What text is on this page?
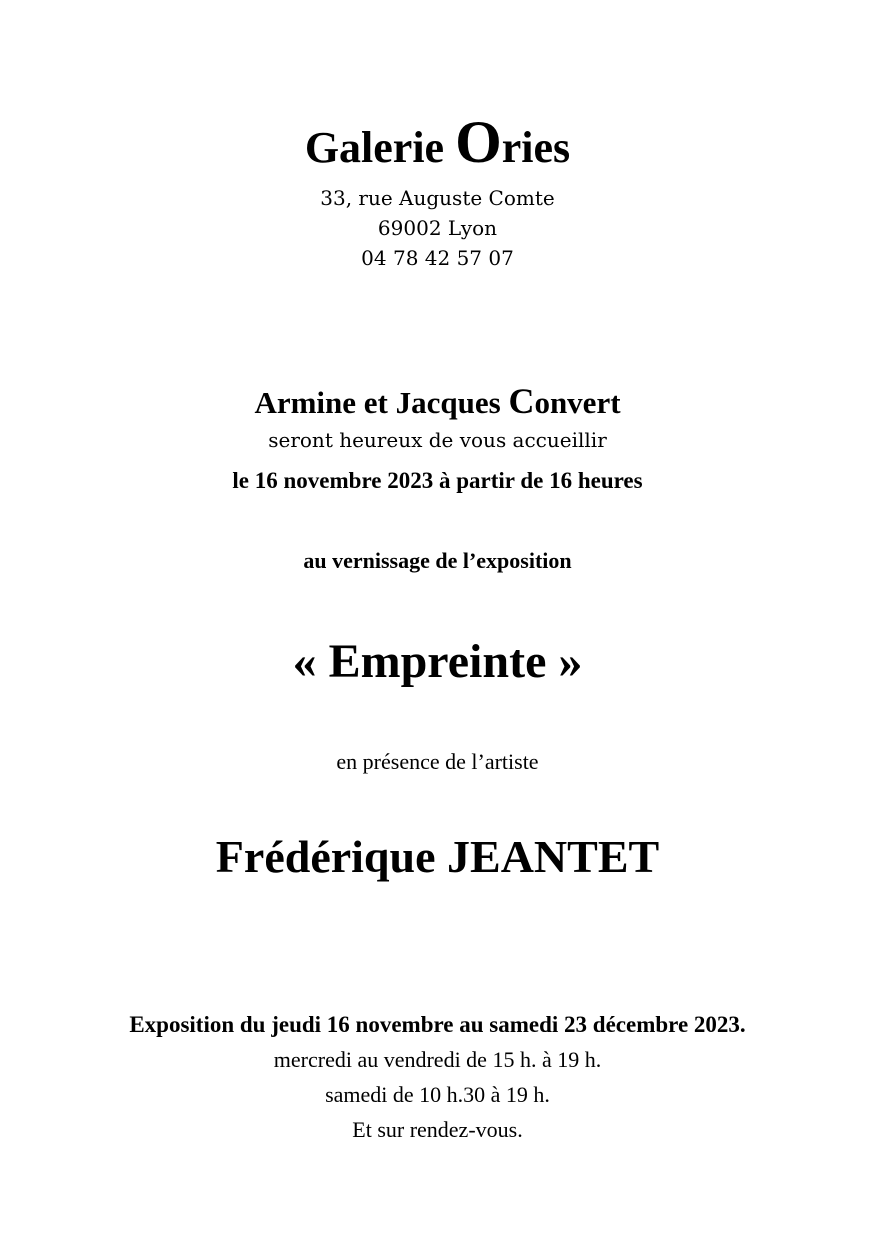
Galerie Ories
33, rue Auguste Comte
69002 Lyon
04 78 42 57 07
Armine et Jacques Convert
seront heureux de vous accueillir
le 16 novembre 2023 à partir de 16 heures
au vernissage de l’exposition
« Empreinte »
en présence de l’artiste
Frédérique JEANTET
Exposition du jeudi 16 novembre au samedi 23 décembre 2023.
mercredi au vendredi de 15 h. à 19 h.
samedi de 10 h.30 à 19 h.
Et sur rendez-vous.
